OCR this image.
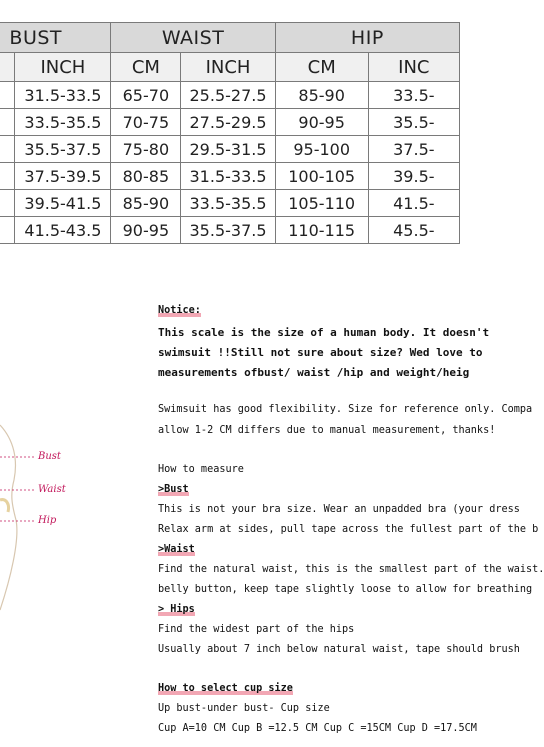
BUST		WAIST		HIP	
	INCH	CM	INCH	CM	INC
	31.5-33.5	65-70	25.5-27.5	85-90	33.5-
	33.5-35.5	70-75	27.5-29.5	90-95	35.5-
	35.5-37.5	75-80	29.5-31.5	95-100	37.5-
	37.5-39.5	80-85	31.5-33.5	100-105	39.5-
	39.5-41.5	85-90	33.5-35.5	105-110	41.5-
	41.5-43.5	90-95	35.5-37.5	110-115	45.5-
Bust
Waist
Hip
Notice:
This scale is the size of a human body. It doesn't
swimsuit !!Still not sure about size? Wed love to
measurements ofbust/ waist /hip and weight/heig
Swimsuit has good flexibility. Size for reference only. Compa
allow 1-2 CM differs due to manual measurement, thanks!
How to measure
>Bust
This is not your bra size. Wear an unpadded bra (your dress
Relax arm at sides, pull tape across the fullest part of the b
>Waist
Find the natural waist, this is the smallest part of the waist.
belly button, keep tape slightly loose to allow for breathing
> Hips
Find the widest part of the hips
Usually about 7 inch below natural waist, tape should brush
How to select cup size
Up bust-under bust- Cup size
Cup A=10 CM Cup B =12.5 CM Cup C =15CM Cup D =17.5CM
